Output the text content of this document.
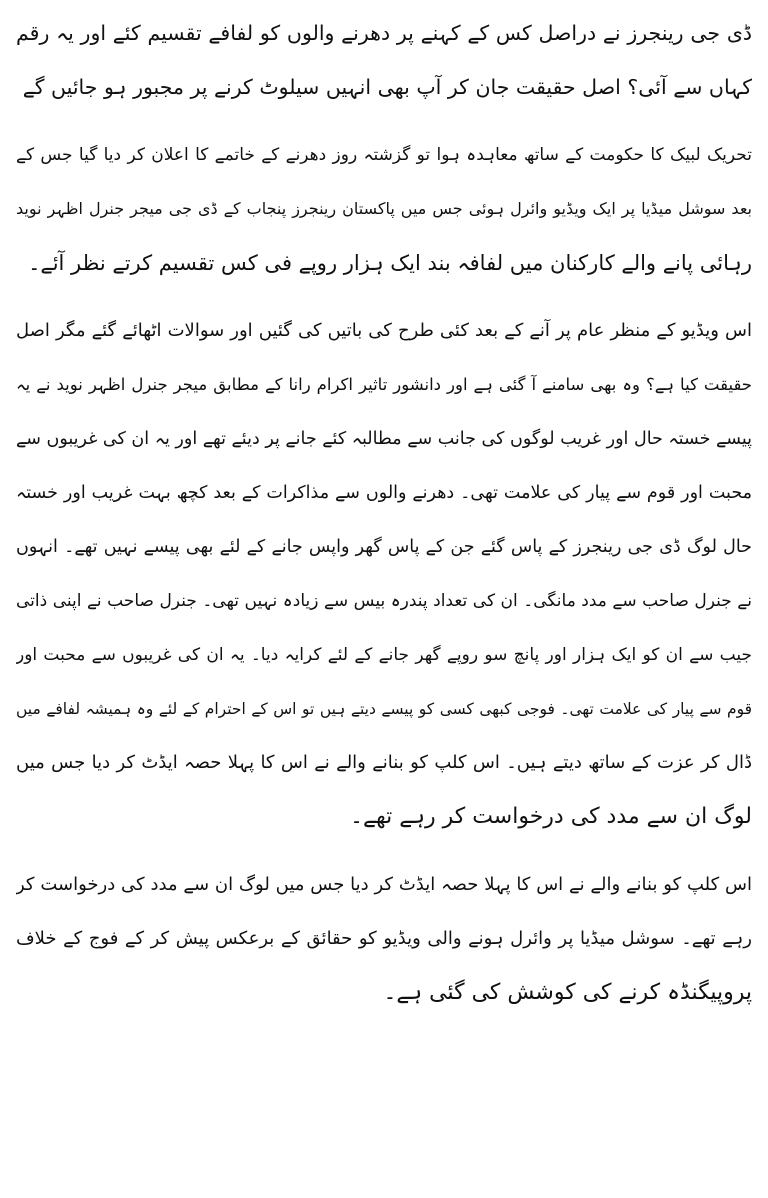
ڈی جی رینجرز نے دراصل کس کے کہنے پر دھرنے والوں کو لفافے تقسیم کئے اور یہ رقم
کہاں سے آئی؟ اصل حقیقت جان کر آپ بھی انہیں سیلوٹ کرنے پر مجبور ہو جائیں گے

تحریک لبیک کا حکومت کے ساتھ معاہدہ ہوا تو گزشتہ روز دھرنے کے خاتمے کا اعلان کر دیا گیا جس کے
بعد سوشل میڈیا پر ایک ویڈیو وائرل ہوئی جس میں پاکستان رینجرز پنجاب کے ڈی جی میجر جنرل اظہر نوید
رہائی پانے والے کارکنان میں لفافہ بند ایک ہزار روپے فی کس تقسیم کرتے نظر آئے۔

اس ویڈیو کے منظر عام پر آنے کے بعد کئی طرح کی باتیں کی گئیں اور سوالات اٹھائے گئے مگر اصل
حقیقت کیا ہے؟ وہ بھی سامنے آ گئی ہے اور دانشور تاثیر اکرام رانا کے مطابق میجر جنرل اظہر نوید نے یہ
پیسے خستہ حال اور غریب لوگوں کی جانب سے مطالبہ کئے جانے پر دیئے تھے اور یہ ان کی غریبوں سے
محبت اور قوم سے پیار کی علامت تھی۔ دھرنے والوں سے مذاکرات کے بعد کچھ بہت غریب اور خستہ
حال لوگ ڈی جی رینجرز کے پاس گئے جن کے پاس گھر واپس جانے کے لئے بھی پیسے نہیں تھے۔ انہوں
نے جنرل صاحب سے مدد مانگی۔ ان کی تعداد پندرہ بیس سے زیادہ نہیں تھی۔ جنرل صاحب نے اپنی ذاتی
جیب سے ان کو ایک ہزار اور پانچ سو روپے گھر جانے کے لئے کرایہ دیا۔ یہ ان کی غریبوں سے محبت اور
قوم سے پیار کی علامت تھی۔ فوجی کبھی کسی کو پیسے دیتے ہیں تو اس کے احترام کے لئے وہ ہمیشہ لفافے میں
ڈال کر عزت کے ساتھ دیتے ہیں۔ اس کلپ کو بنانے والے نے اس کا پہلا حصہ ایڈٹ کر دیا جس میں
لوگ ان سے مدد کی درخواست کر رہے تھے۔

اس کلپ کو بنانے والے نے اس کا پہلا حصہ ایڈٹ کر دیا جس میں لوگ ان سے مدد کی درخواست کر
رہے تھے۔ سوشل میڈیا پر وائرل ہونے والی ویڈیو کو حقائق کے برعکس پیش کر کے فوج کے خلاف
پروپیگنڈہ کرنے کی کوشش کی گئی ہے۔
